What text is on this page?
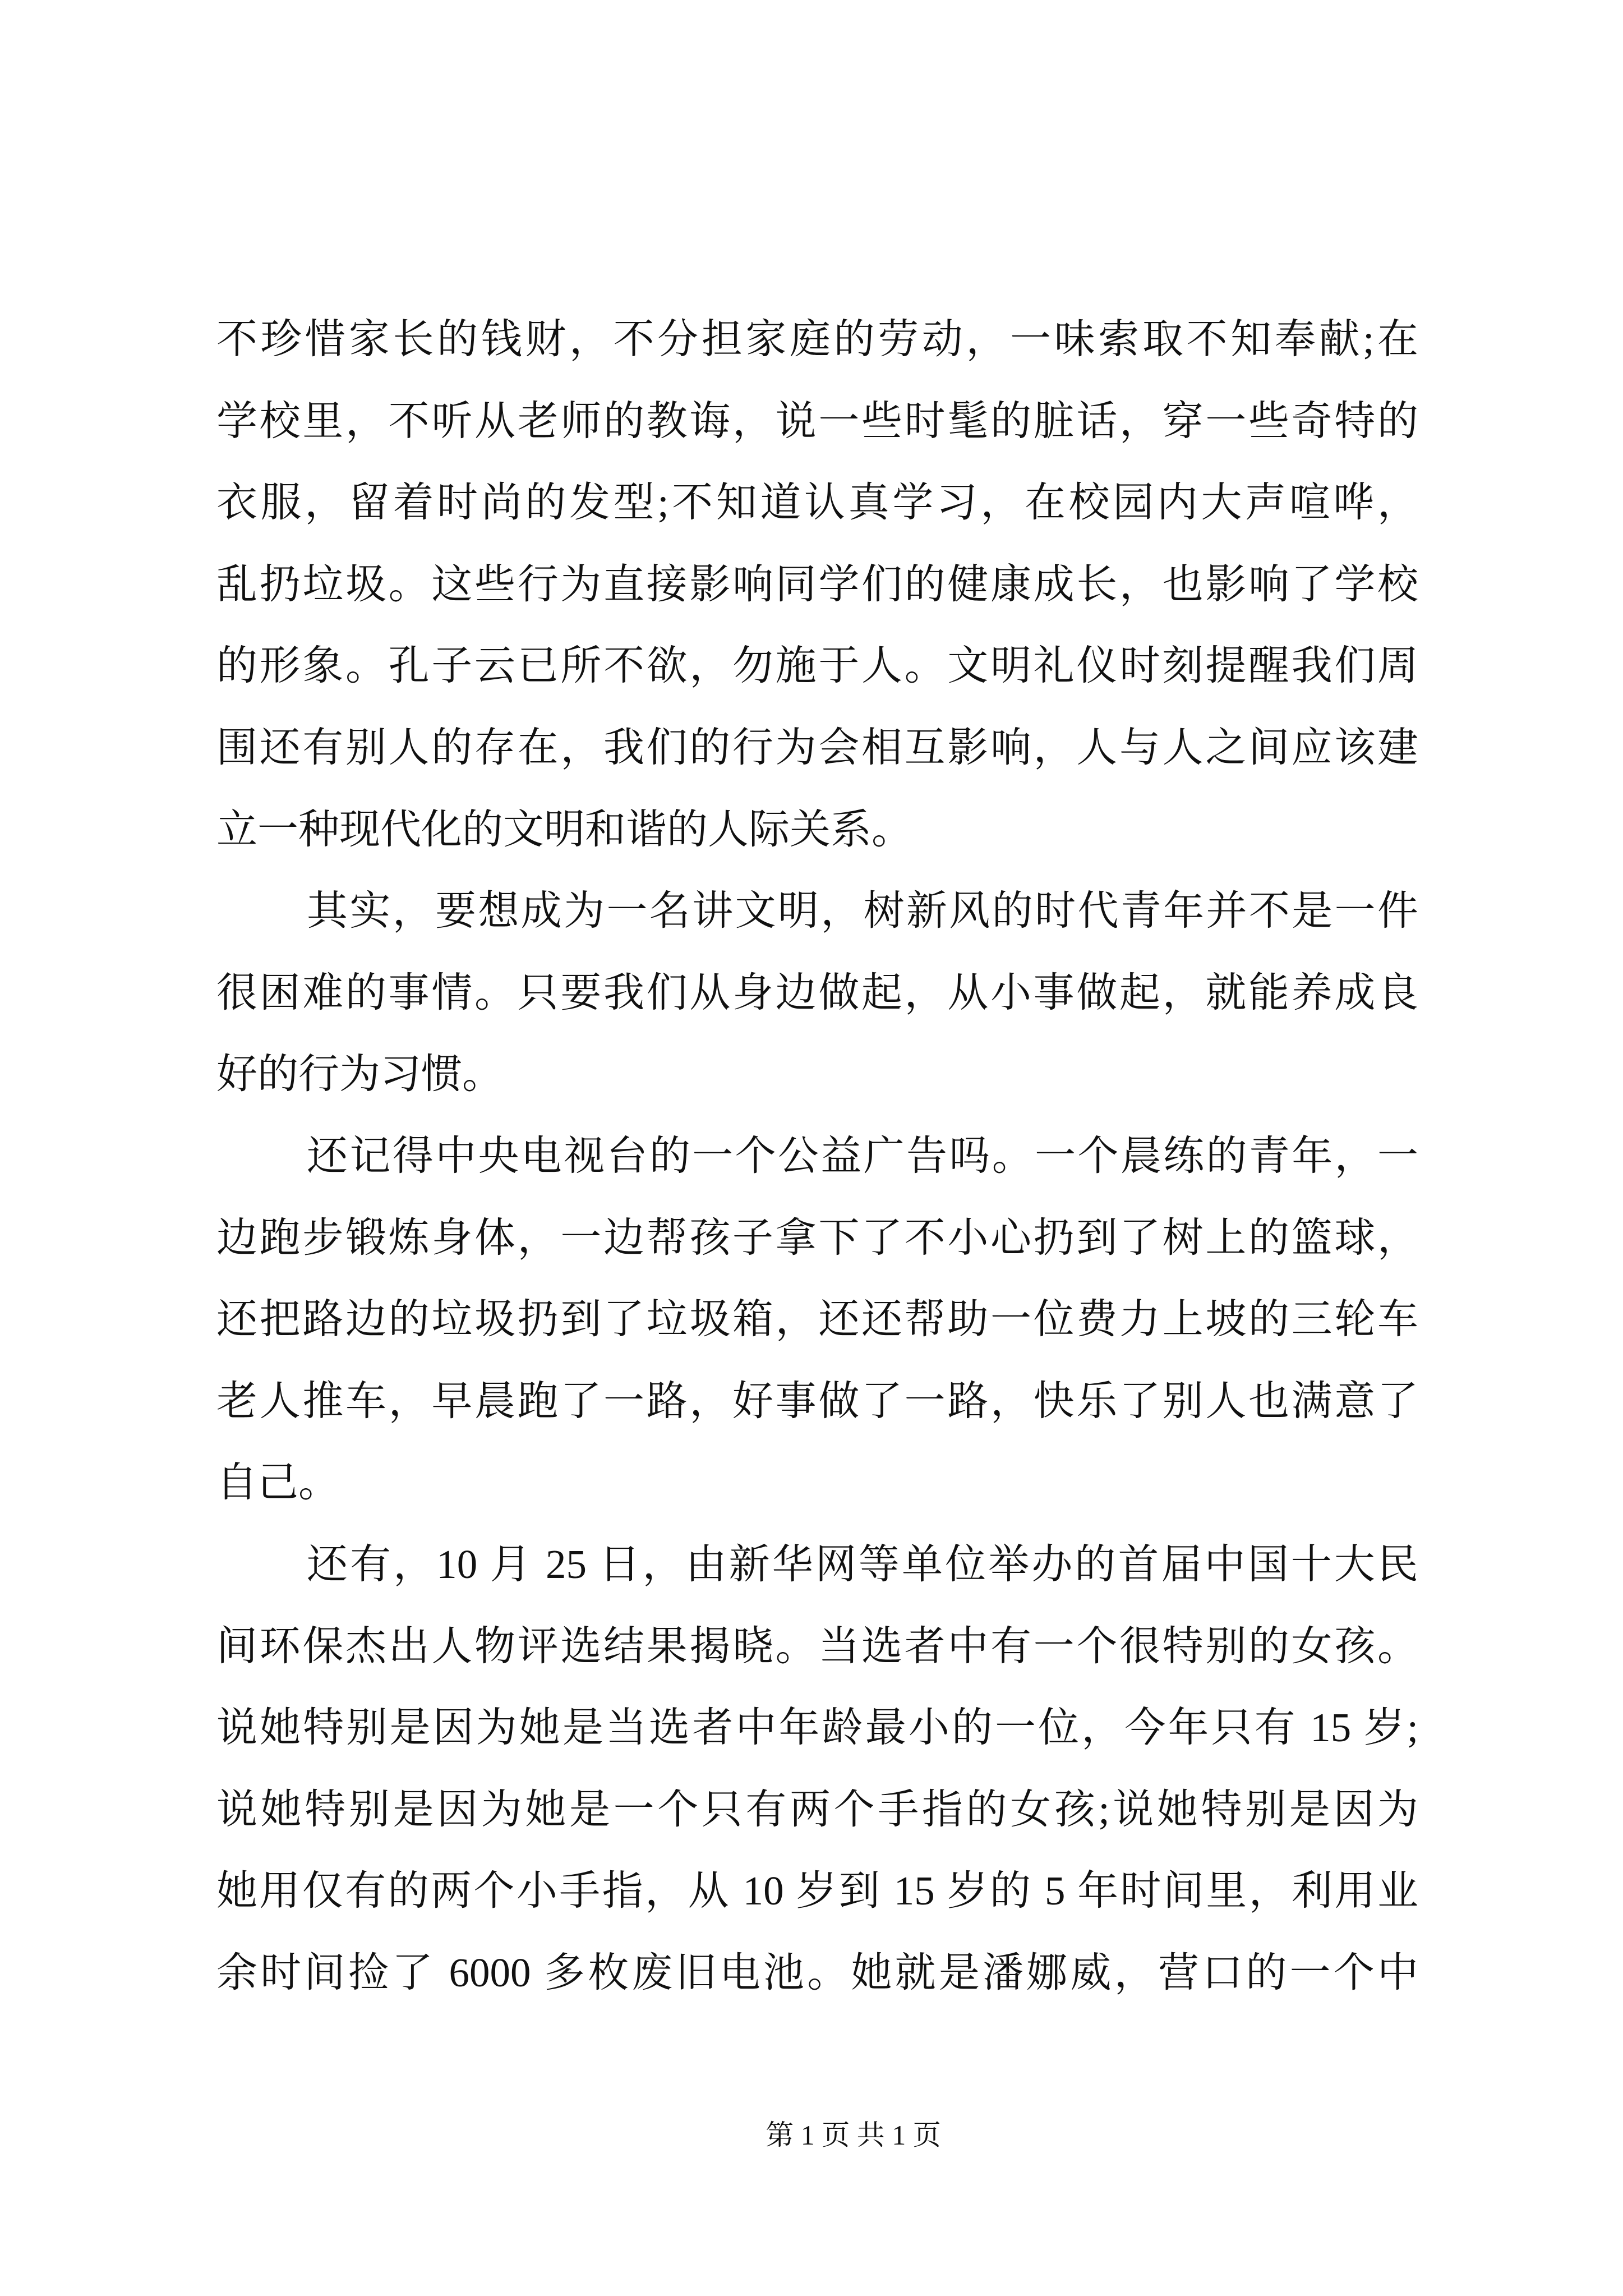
不珍惜家长的钱财，不分担家庭的劳动，一味索取不知奉献;在
学校里，不听从老师的教诲，说一些时髦的脏话，穿一些奇特的
衣服，留着时尚的发型;不知道认真学习，在校园内大声喧哗，
乱扔垃圾。这些行为直接影响同学们的健康成长，也影响了学校
的形象。孔子云已所不欲，勿施于人。文明礼仪时刻提醒我们周
围还有别人的存在，我们的行为会相互影响，人与人之间应该建
立一种现代化的文明和谐的人际关系。
其实，要想成为一名讲文明，树新风的时代青年并不是一件
很困难的事情。只要我们从身边做起，从小事做起，就能养成良
好的行为习惯。
还记得中央电视台的一个公益广告吗。一个晨练的青年，一
边跑步锻炼身体，一边帮孩子拿下了不小心扔到了树上的篮球，
还把路边的垃圾扔到了垃圾箱，还还帮助一位费力上坡的三轮车
老人推车，早晨跑了一路，好事做了一路，快乐了别人也满意了
自己。
还有，10 月 25 日，由新华网等单位举办的首届中国十大民
间环保杰出人物评选结果揭晓。当选者中有一个很特别的女孩。
说她特别是因为她是当选者中年龄最小的一位，今年只有 15 岁;
说她特别是因为她是一个只有两个手指的女孩;说她特别是因为
她用仅有的两个小手指，从 10 岁到 15 岁的 5 年时间里，利用业
余时间捡了 6000 多枚废旧电池。她就是潘娜威，营口的一个中
第 1 页 共 1 页
